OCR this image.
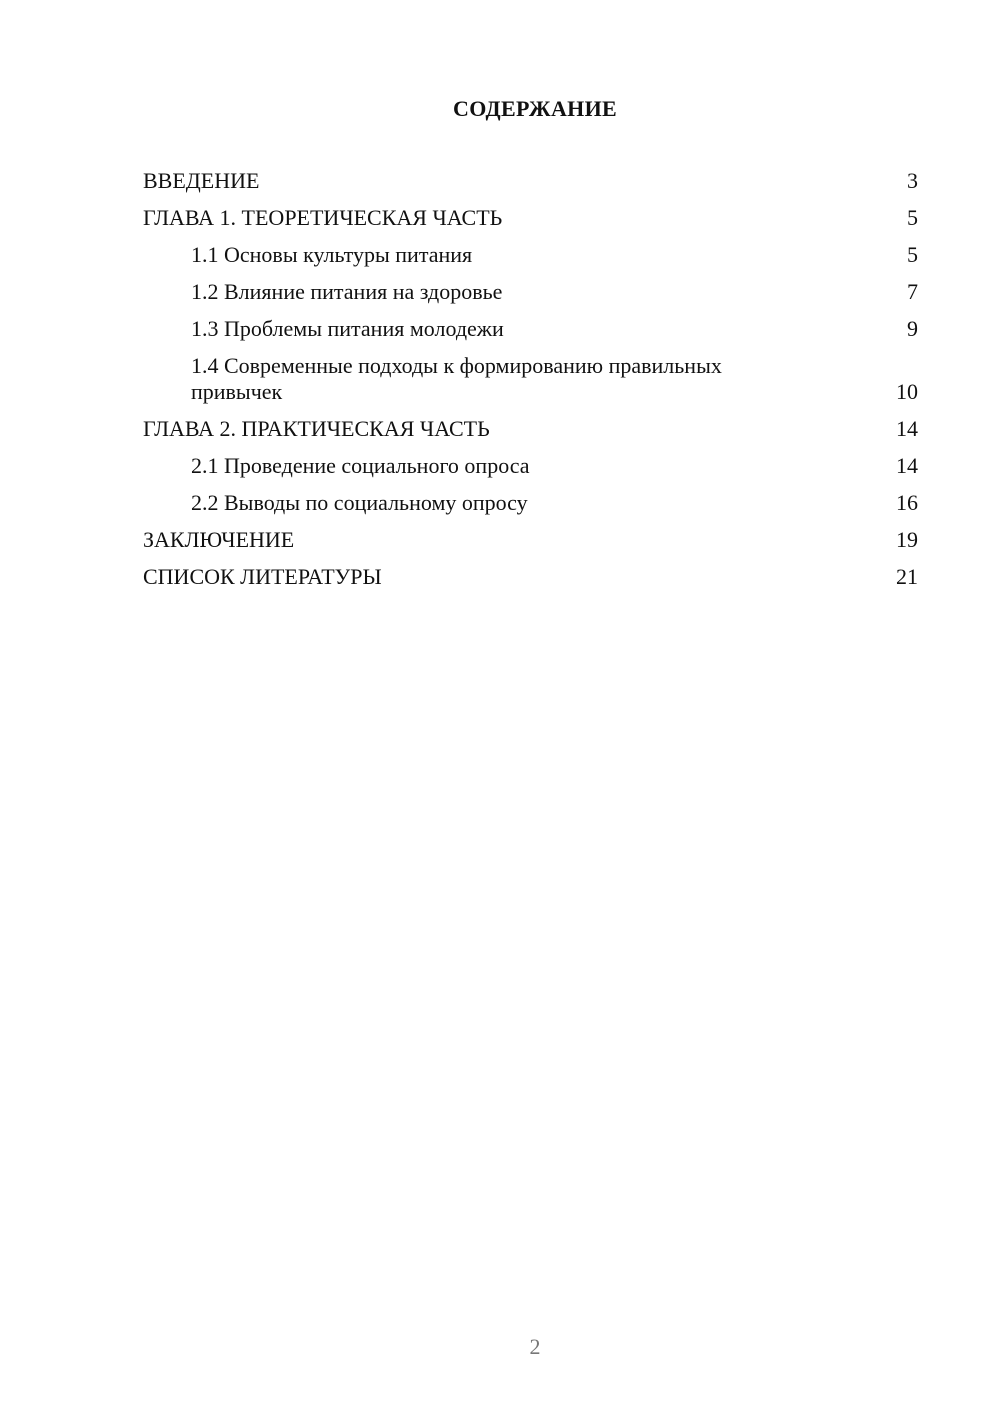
СОДЕРЖАНИЕ
ВВЕДЕНИЕ	3
ГЛАВА 1. ТЕОРЕТИЧЕСКАЯ ЧАСТЬ	5
1.1 Основы культуры питания	5
1.2 Влияние питания на здоровье	7
1.3 Проблемы питания молодежи	9
1.4 Современные подходы к формированию правильных привычек	10
ГЛАВА 2. ПРАКТИЧЕСКАЯ ЧАСТЬ	14
2.1 Проведение социального опроса	14
2.2 Выводы по социальному опросу	16
ЗАКЛЮЧЕНИЕ	19
СПИСОК ЛИТЕРАТУРЫ	21
2
